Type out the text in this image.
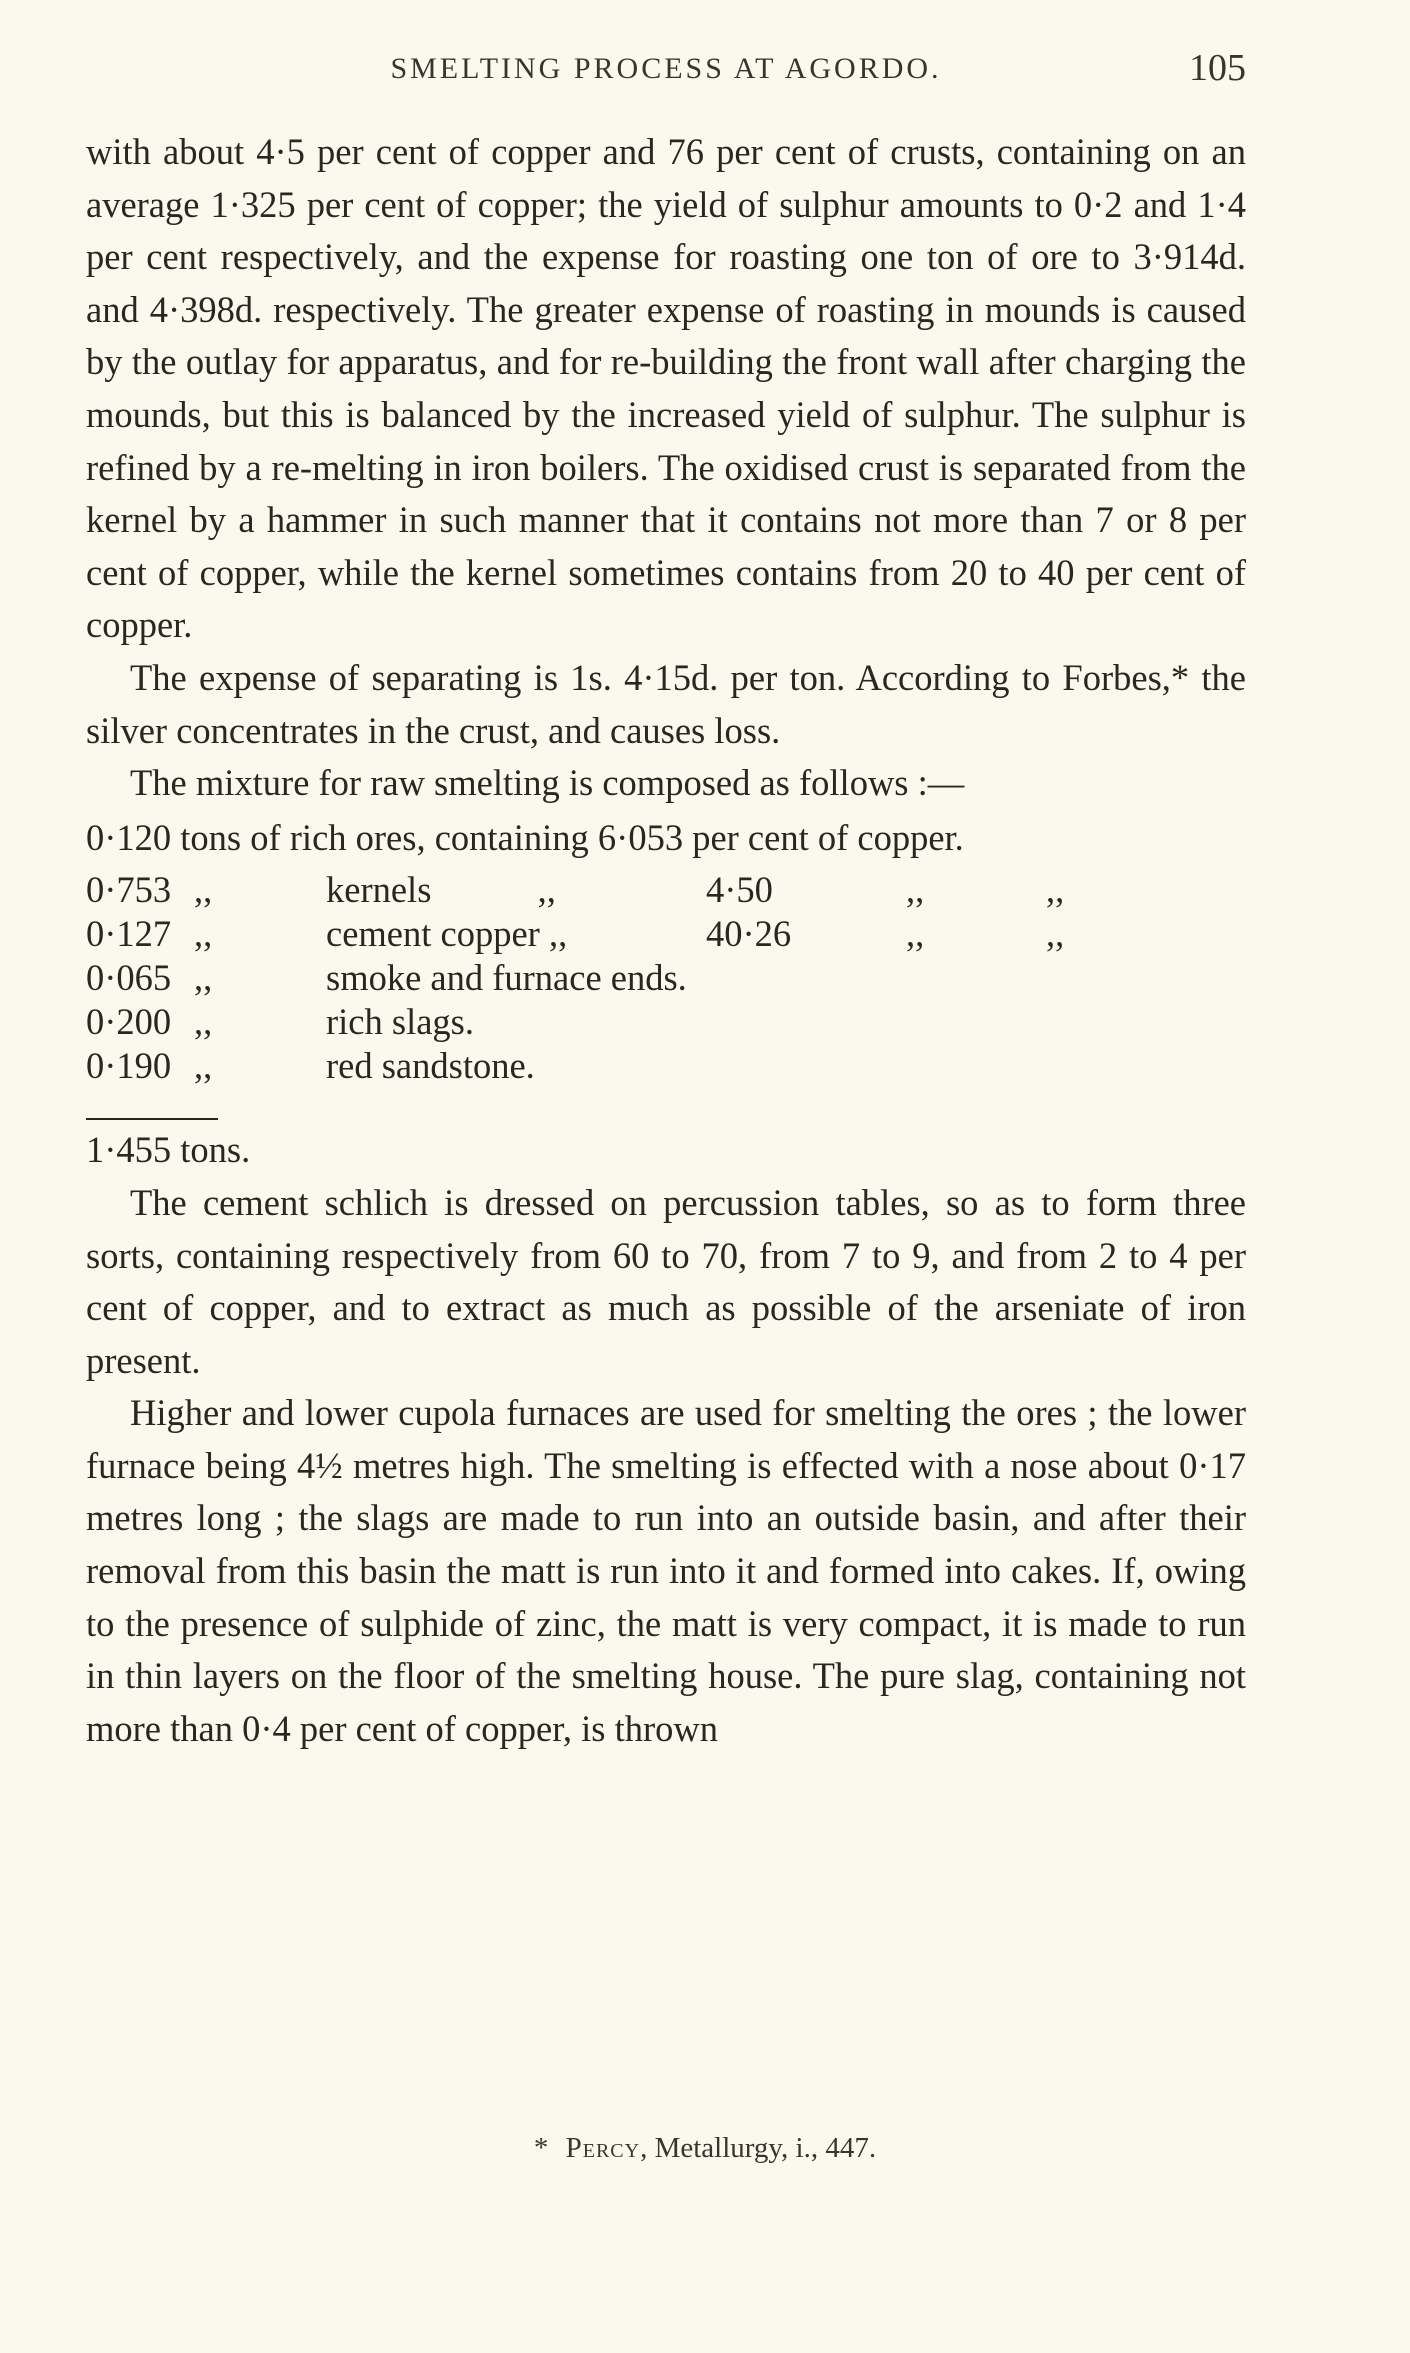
SMELTING PROCESS AT AGORDO.	105

with about 4·5 per cent of copper and 76 per cent of crusts, containing on an average 1·325 per cent of copper; the yield of sulphur amounts to 0·2 and 1·4 per cent respectively, and the expense for roasting one ton of ore to 3·914d. and 4·398d. respectively. The greater expense of roasting in mounds is caused by the outlay for apparatus, and for re-building the front wall after charging the mounds, but this is balanced by the increased yield of sulphur. The sulphur is refined by a re-melting in iron boilers. The oxidised crust is separated from the kernel by a hammer in such manner that it contains not more than 7 or 8 per cent of copper, while the kernel sometimes contains from 20 to 40 per cent of copper.

The expense of separating is 1s. 4·15d. per ton. According to Forbes,* the silver concentrates in the crust, and causes loss.

The mixture for raw smelting is composed as follows :—

0·120 tons of rich ores, containing 6·053 per cent of copper.

0·753	,,	kernels ,,	4·50	,,	,,
0·127	,,	cement copper ,,	40·26	,,	,,
0·065	,,	smoke and furnace ends.			
0·200	,,	rich slags.			
0·190	,,	red sandstone.			

1·455 tons.

The cement schlich is dressed on percussion tables, so as to form three sorts, containing respectively from 60 to 70, from 7 to 9, and from 2 to 4 per cent of copper, and to extract as much as possible of the arseniate of iron present.

Higher and lower cupola furnaces are used for smelting the ores ; the lower furnace being 4½ metres high. The smelting is effected with a nose about 0·17 metres long ; the slags are made to run into an outside basin, and after their removal from this basin the matt is run into it and formed into cakes. If, owing to the presence of sulphide of zinc, the matt is very compact, it is made to run in thin layers on the floor of the smelting house. The pure slag, containing not more than 0·4 per cent of copper, is thrown

* Percy, Metallurgy, i., 447.
